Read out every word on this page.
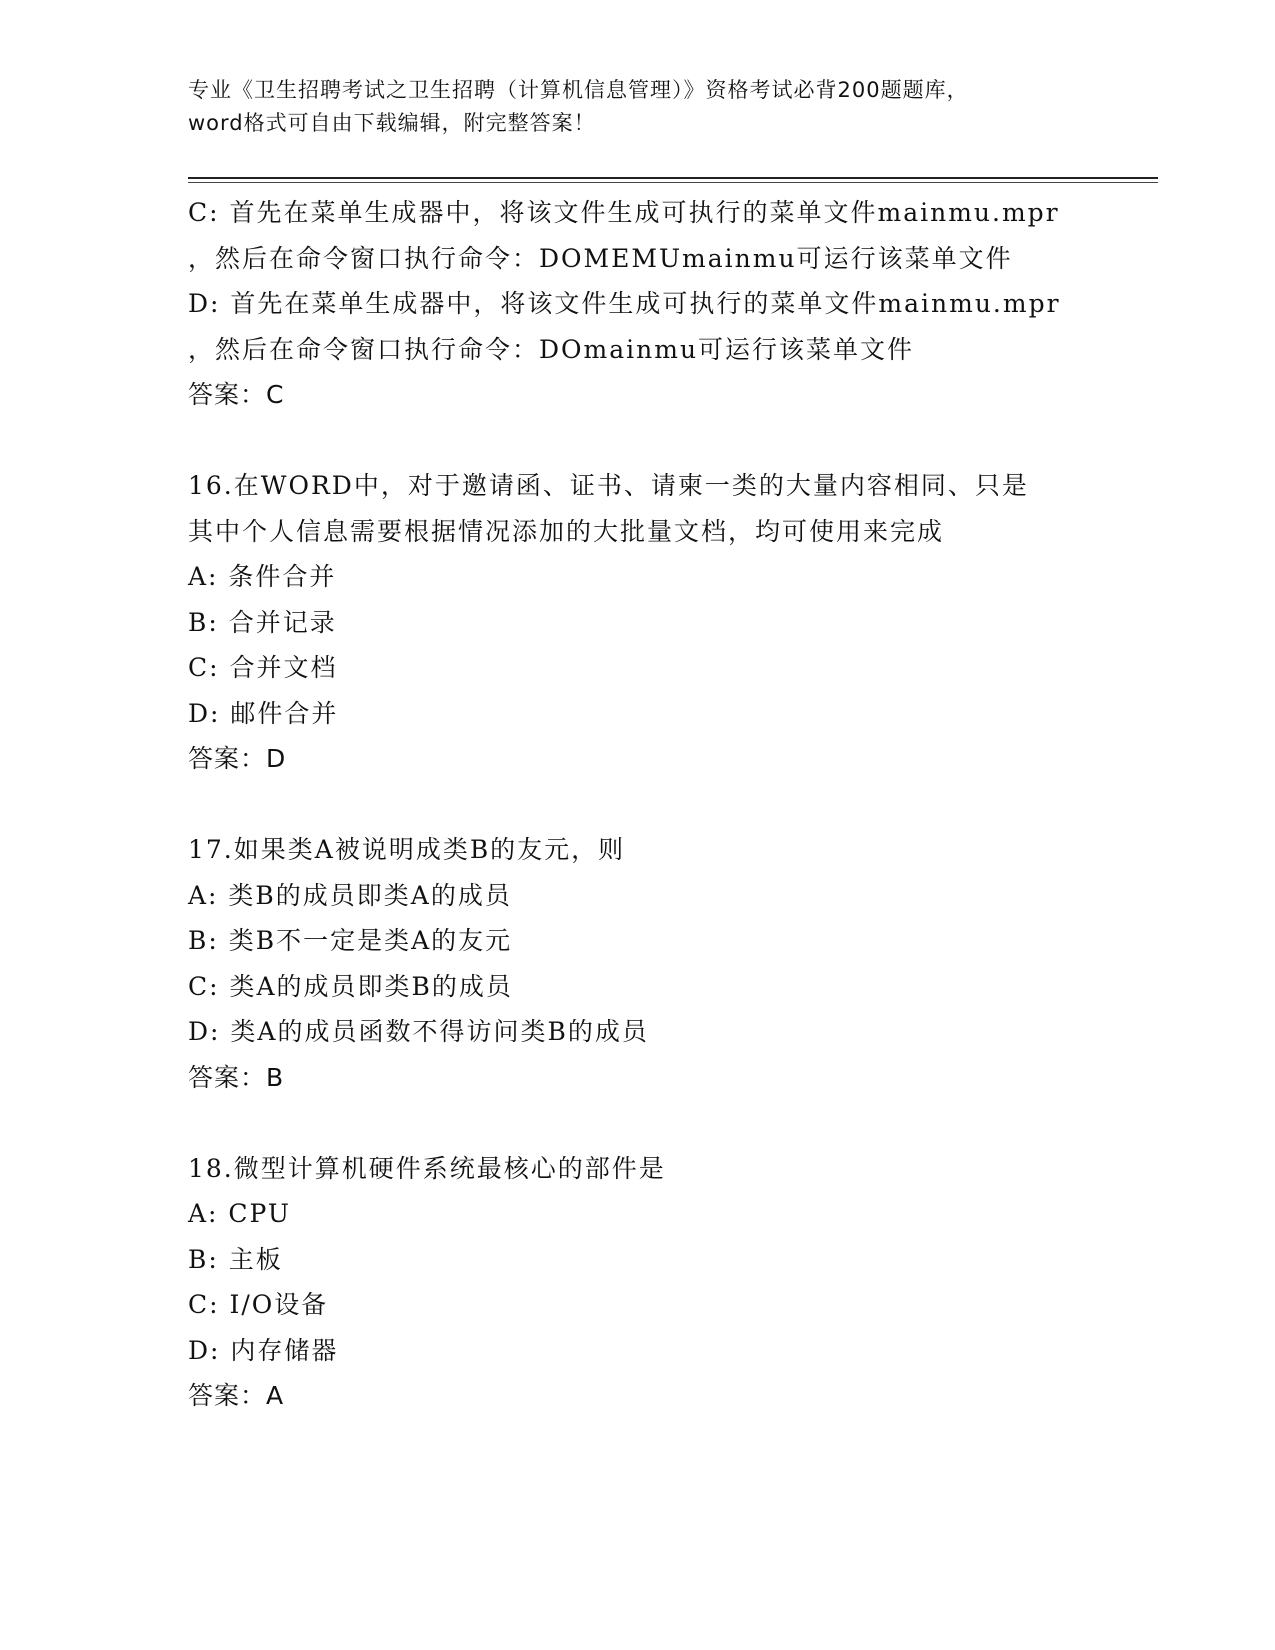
专业《卫生招聘考试之卫生招聘（计算机信息管理）》资格考试必背200题题库，
word格式可自由下载编辑，附完整答案！
C: 首先在菜单生成器中，将该文件生成可执行的菜单文件mainmu.mpr
，然后在命令窗口执行命令：DOMEMUmainmu可运行该菜单文件
D: 首先在菜单生成器中，将该文件生成可执行的菜单文件mainmu.mpr
，然后在命令窗口执行命令：DOmainmu可运行该菜单文件
答案：C
16.在WORD中，对于邀请函、证书、请柬一类的大量内容相同、只是
其中个人信息需要根据情况添加的大批量文档，均可使用来完成
A: 条件合并
B: 合并记录
C: 合并文档
D: 邮件合并
答案：D
17.如果类A被说明成类B的友元，则
A: 类B的成员即类A的成员
B: 类B不一定是类A的友元
C: 类A的成员即类B的成员
D: 类A的成员函数不得访问类B的成员
答案：B
18.微型计算机硬件系统最核心的部件是
A: CPU
B: 主板
C: I/O设备
D: 内存储器
答案：A
